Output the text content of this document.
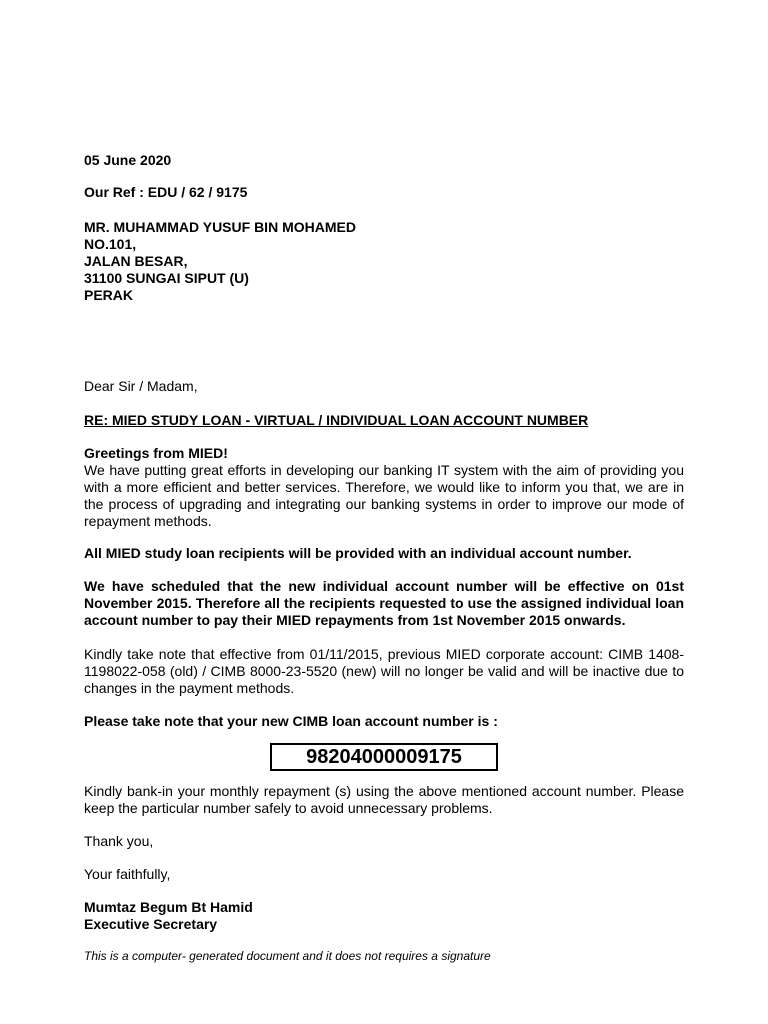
05 June 2020
Our Ref : EDU / 62 / 9175
MR. MUHAMMAD YUSUF BIN MOHAMED
NO.101,
JALAN BESAR,
31100 SUNGAI SIPUT (U)
PERAK
Dear Sir / Madam,
RE: MIED STUDY LOAN - VIRTUAL / INDIVIDUAL LOAN ACCOUNT NUMBER
Greetings from MIED!
We have putting great efforts in developing our banking IT system with the aim of providing you with a more efficient and better services. Therefore, we would like to inform you that, we are in the process of upgrading and integrating our banking systems in order to improve our mode of repayment methods.
All MIED study loan recipients will be provided with an individual account number.
We have scheduled that the new individual account number will be effective on 01st November 2015. Therefore all the recipients requested to use the assigned individual loan account number to pay their MIED repayments from 1st November 2015 onwards.
Kindly take note that effective from 01/11/2015, previous MIED corporate account: CIMB 1408-1198022-058 (old) / CIMB 8000-23-5520 (new) will no longer be valid and will be inactive due to changes in the payment methods.
Please take note that your new CIMB loan account number is :
98204000009175
Kindly bank-in your monthly repayment (s) using the above mentioned account number. Please keep the particular number safely to avoid unnecessary problems.
Thank you,
Your faithfully,
Mumtaz Begum Bt Hamid
Executive Secretary
This is a computer- generated document and it does not requires a signature
